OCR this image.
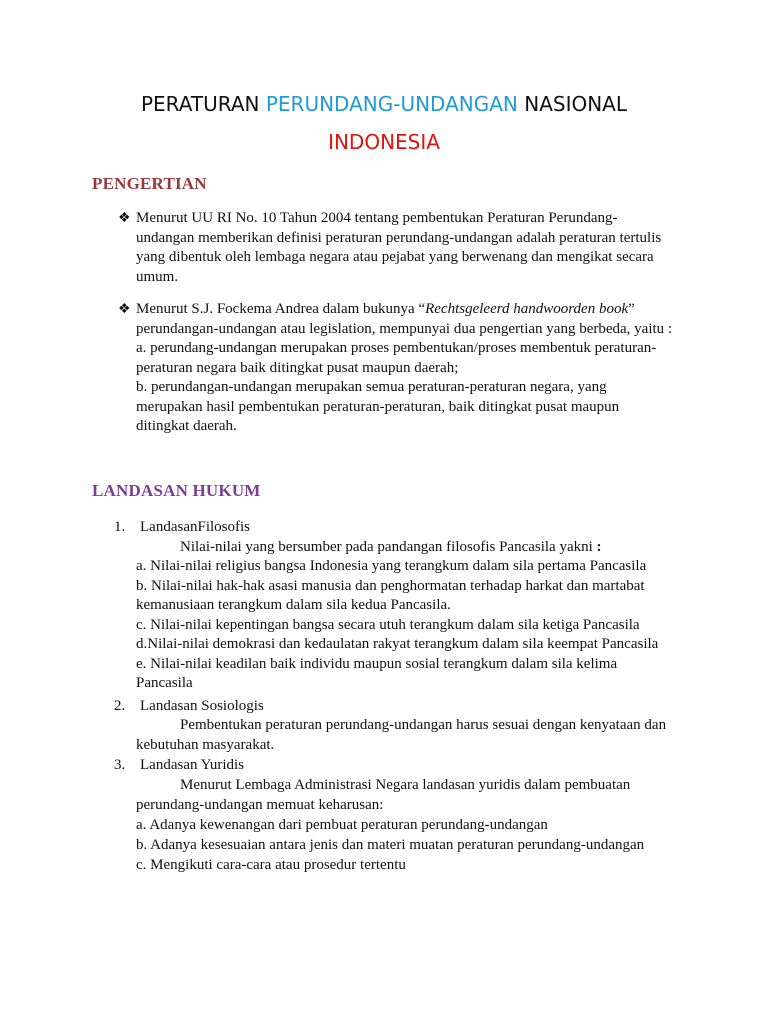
PERATURAN PERUNDANG-UNDANGAN NASIONAL
INDONESIA
PENGERTIAN
❖ Menurut UU RI No. 10 Tahun 2004 tentang pembentukan Peraturan Perundang-

undangan memberikan definisi peraturan perundang-undangan adalah peraturan tertulis

yang dibentuk oleh lembaga negara atau pejabat yang berwenang dan mengikat secara

umum.

❖ Menurut S.J. Fockema Andrea dalam bukunya “Rechtsgeleerd handwoorden book”

perundangan-undangan atau legislation, mempunyai dua pengertian yang berbeda, yaitu :

a. perundang-undangan merupakan proses pembentukan/proses membentuk peraturan-

peraturan negara baik ditingkat pusat maupun daerah;

b. perundangan-undangan merupakan semua peraturan-peraturan negara, yang

merupakan hasil pembentukan peraturan-peraturan, baik ditingkat pusat maupun

ditingkat daerah.

LANDASAN HUKUM
1. LandasanFilosofis
Nilai-nilai yang bersumber pada pandangan filosofis Pancasila yakni :
a. Nilai-nilai religius bangsa Indonesia yang terangkum dalam sila pertama Pancasila
b. Nilai-nilai hak-hak asasi manusia dan penghormatan terhadap harkat dan martabat
kemanusiaan terangkum dalam sila kedua Pancasila.
c. Nilai-nilai kepentingan bangsa secara utuh terangkum dalam sila ketiga Pancasila
d.Nilai-nilai demokrasi dan kedaulatan rakyat terangkum dalam sila keempat Pancasila
e. Nilai-nilai keadilan baik individu maupun sosial terangkum dalam sila kelima
Pancasila
2. Landasan Sosiologis
Pembentukan peraturan perundang-undangan harus sesuai dengan kenyataan dan
kebutuhan masyarakat.
3. Landasan Yuridis
Menurut Lembaga Administrasi Negara landasan yuridis dalam pembuatan
perundang-undangan memuat keharusan:
a. Adanya kewenangan dari pembuat peraturan perundang-undangan
b. Adanya kesesuaian antara jenis dan materi muatan peraturan perundang-undangan
c. Mengikuti cara-cara atau prosedur tertentu
